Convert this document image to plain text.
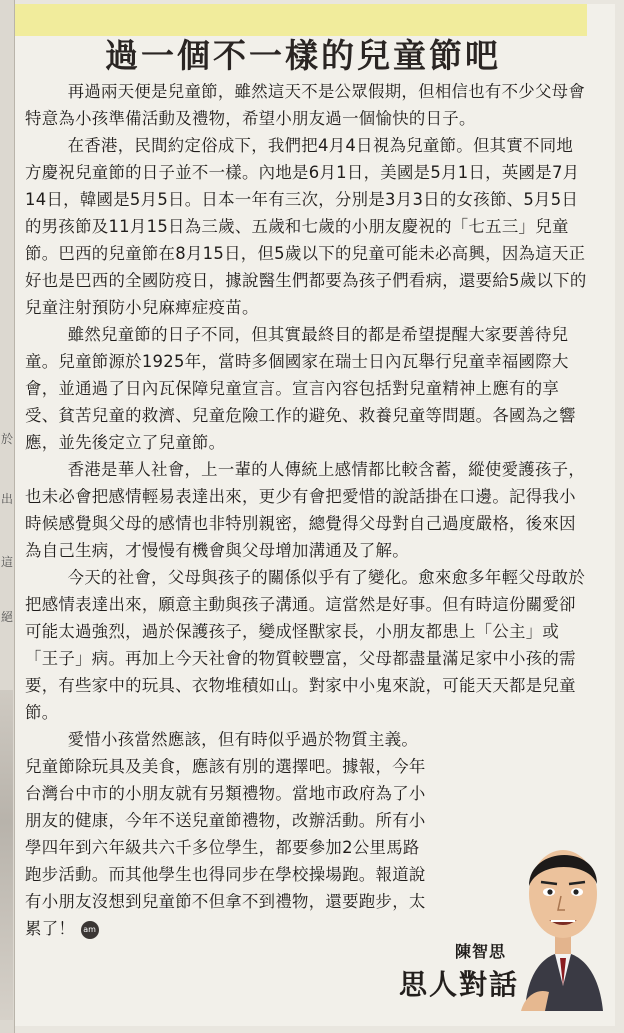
於
出
這
絕
過一個不一樣的兒童節吧

再過兩天便是兒童節，雖然這天不是公眾假期，但相信也有不少父母會特意為小孩準備活動及禮物，希望小朋友過一個愉快的日子。

在香港，民間約定俗成下，我們把4月4日視為兒童節。但其實不同地方慶祝兒童節的日子並不一樣。內地是6月1日，美國是5月1日，英國是7月14日，韓國是5月5日。日本一年有三次，分別是3月3日的女孩節、5月5日的男孩節及11月15日為三歲、五歲和七歲的小朋友慶祝的「七五三」兒童節。巴西的兒童節在8月15日，但5歲以下的兒童可能未必高興，因為這天正好也是巴西的全國防疫日，據說醫生們都要為孩子們看病，還要給5歲以下的兒童注射預防小兒麻痺症疫苗。

雖然兒童節的日子不同，但其實最終目的都是希望提醒大家要善待兒童。兒童節源於1925年，當時多個國家在瑞士日內瓦舉行兒童幸福國際大會，並通過了日內瓦保障兒童宣言。宣言內容包括對兒童精神上應有的享受、貧苦兒童的救濟、兒童危險工作的避免、救養兒童等問題。各國為之響應，並先後定立了兒童節。

香港是華人社會，上一輩的人傳統上感情都比較含蓄，縱使愛護孩子，也未必會把感情輕易表達出來，更少有會把愛惜的說話掛在口邊。記得我小時候感覺與父母的感情也非特別親密，總覺得父母對自己過度嚴格，後來因為自己生病，才慢慢有機會與父母增加溝通及了解。

今天的社會，父母與孩子的關係似乎有了變化。愈來愈多年輕父母敢於把感情表達出來，願意主動與孩子溝通。這當然是好事。但有時這份關愛卻可能太過強烈，過於保護孩子，變成怪獸家長，小朋友都患上「公主」或「王子」病。再加上今天社會的物質較豐富，父母都盡量滿足家中小孩的需要，有些家中的玩具、衣物堆積如山。對家中小鬼來說，可能天天都是兒童節。

愛惜小孩當然應該，但有時似乎過於物質主義。兒童節除玩具及美食，應該有別的選擇吧。據報，今年台灣台中市的小朋友就有另類禮物。當地市政府為了小朋友的健康，今年不送兒童節禮物，改辦活動。所有小學四年到六年級共六千多位學生，都要參加2公里馬路跑步活動。而其他學生也得同步在學校操場跑。報道說有小朋友沒想到兒童節不但拿不到禮物，還要跑步，太累了！ am

陳智思
思人對話
